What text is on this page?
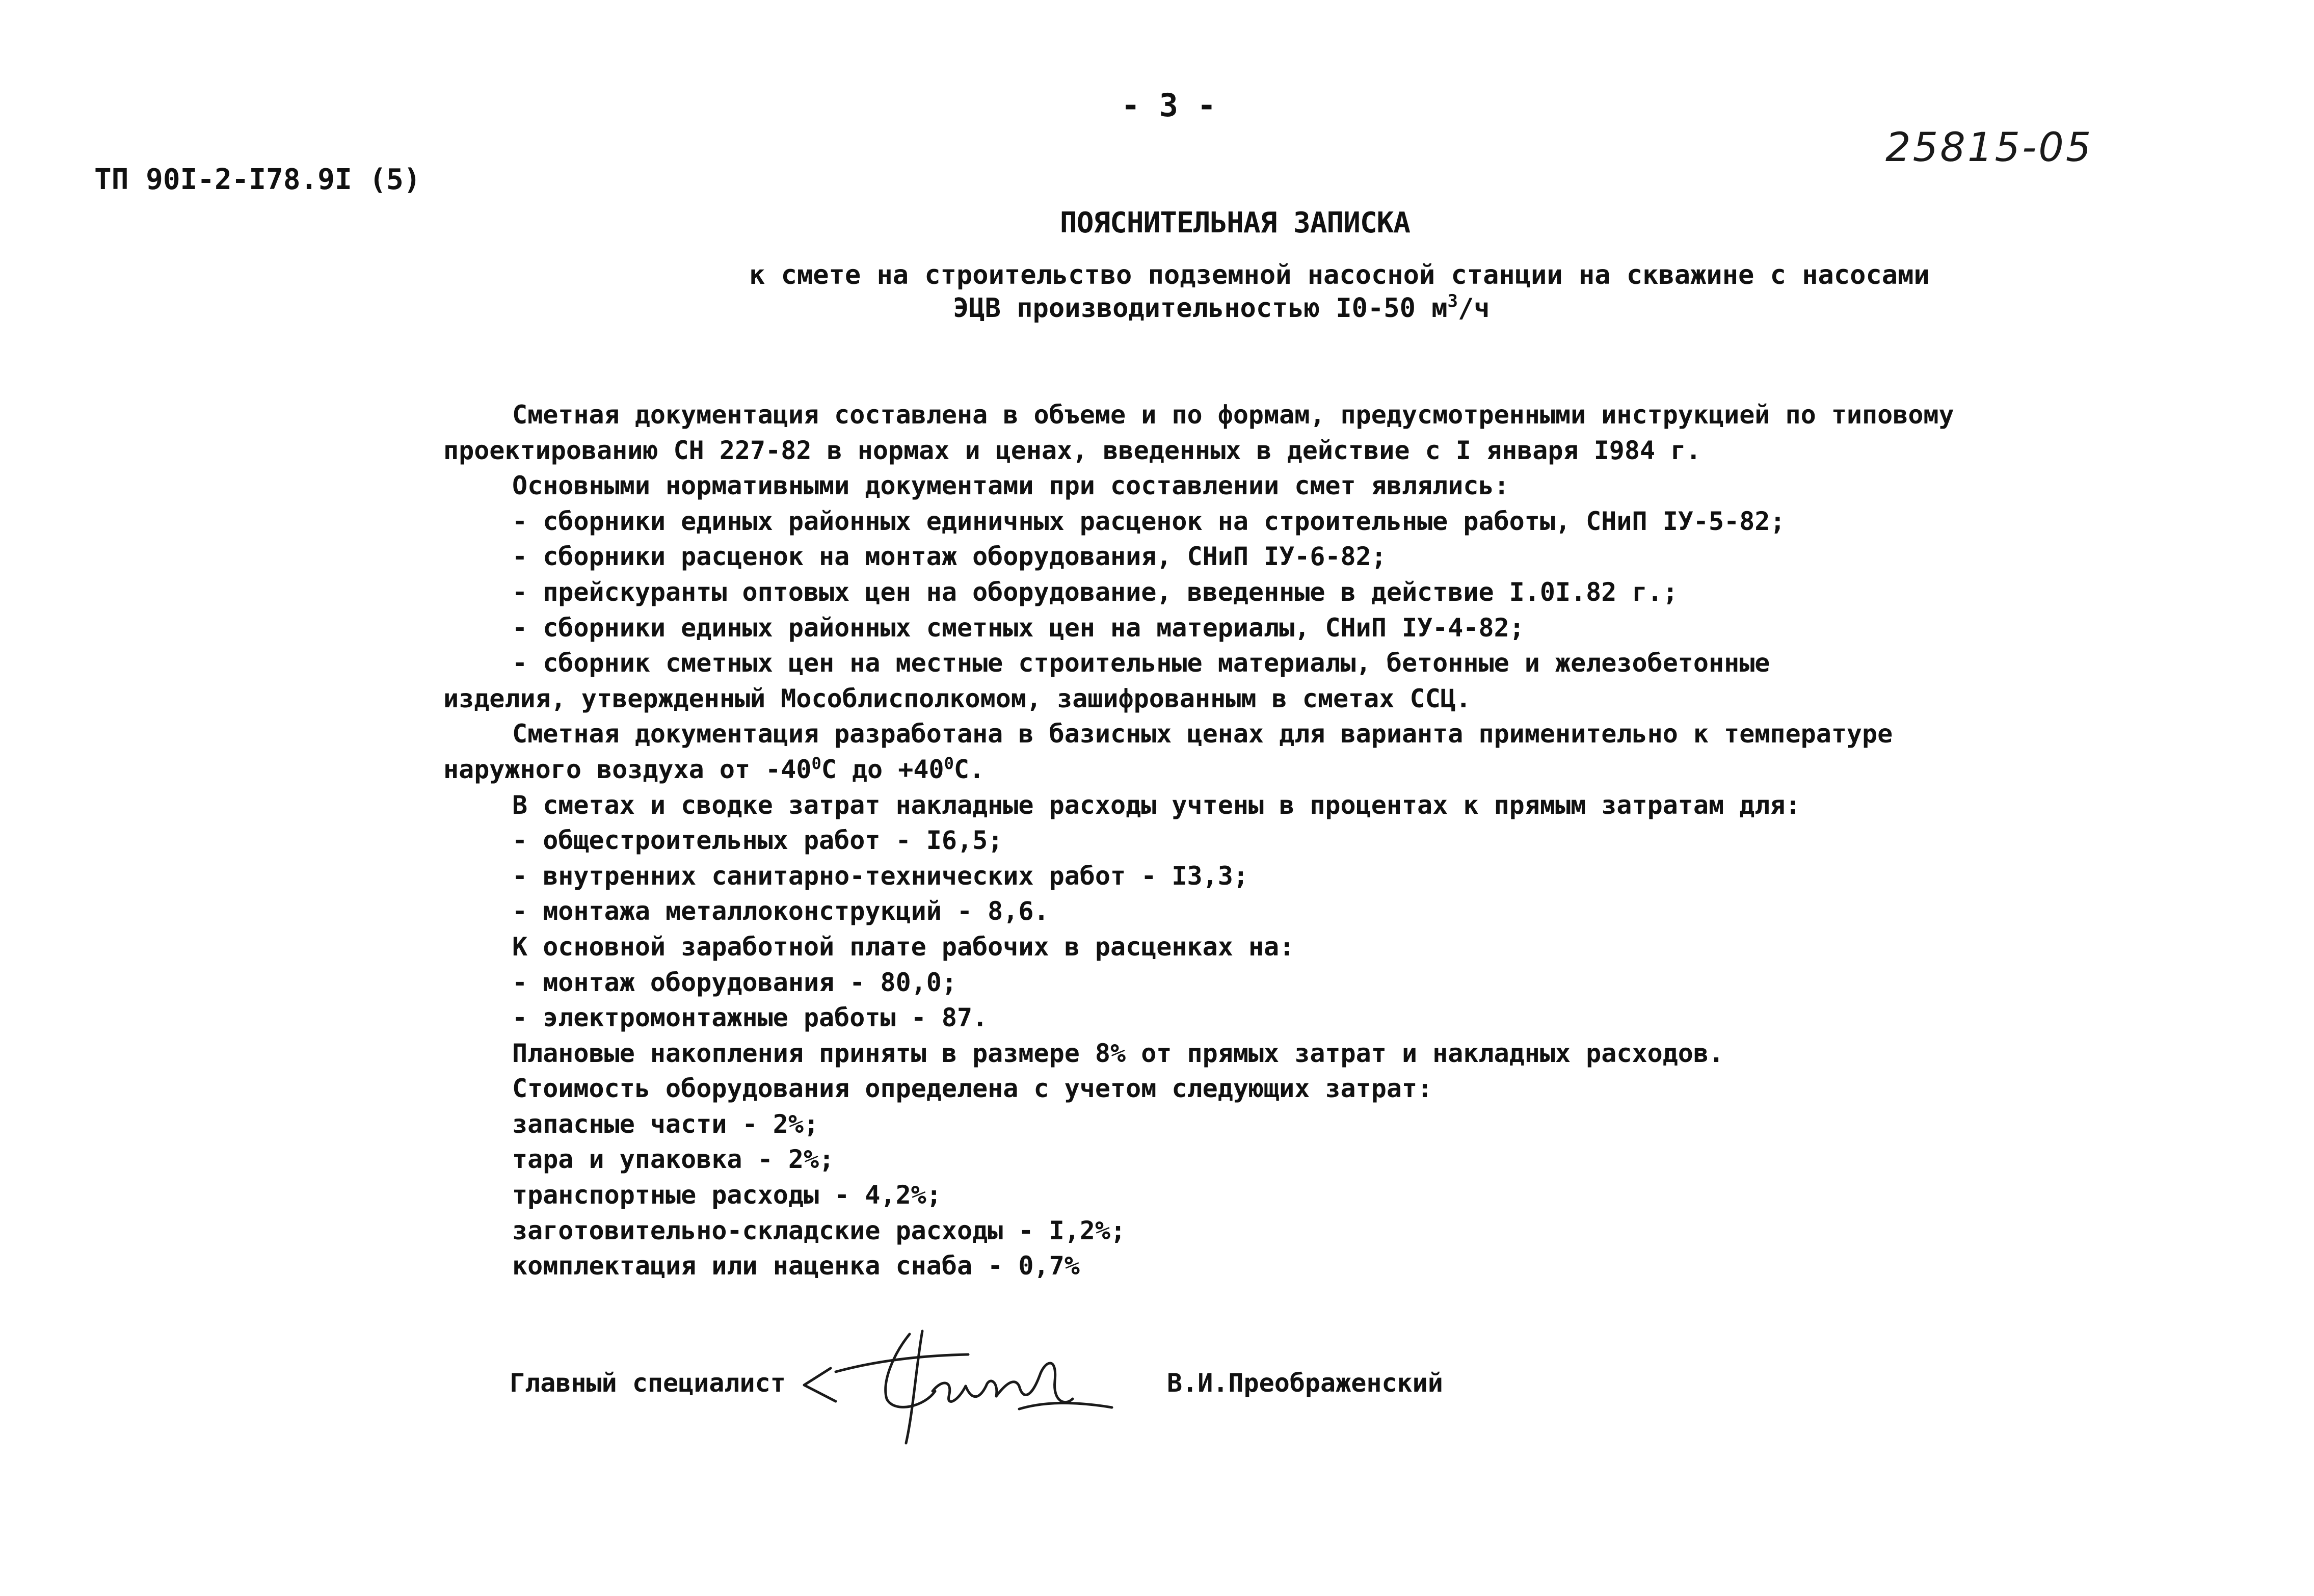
- 3 -
ТП 90I-2-I78.9I (5)
25815-05
ПОЯСНИТЕЛЬНАЯ ЗАПИСКА
к смете на строительство подземной насосной станции на скважине с насосами
ЭЦВ производительностью I0-50 $м^3/ч$
Сметная документация составлена в объеме и по формам, предусмотренными инструкцией по типовому
проектированию СН 227-82 в нормах и ценах, введенных в действие с I января I984 г.
Основными нормативными документами при составлении смет являлись:
- сборники единых районных единичных расценок на строительные работы, СНиП IУ-5-82;
- сборники расценок на монтаж оборудования, СНиП IУ-6-82;
- прейскуранты оптовых цен на оборудование, введенные в действие I.0I.82 г.;
- сборники единых районных сметных цен на материалы, СНиП IУ-4-82;
- сборник сметных цен на местные строительные материалы, бетонные и железобетонные
изделия, утвержденный Мособлисполкомом, зашифрованным в сметах ССЦ.
Сметная документация разработана в базисных ценах для варианта применительно к температуре
наружного воздуха от $-40^0С$ до $+40^0С$.
В сметах и сводке затрат накладные расходы учтены в процентах к прямым затратам для:
- общестроительных работ - I6,5;
- внутренних санитарно-технических работ - I3,3;
- монтажа металлоконструкций - 8,6.
К основной заработной плате рабочих в расценках на:
- монтаж оборудования - 80,0;
- электромонтажные работы - 87.
Плановые накопления приняты в размере 8% от прямых затрат и накладных расходов.
Стоимость оборудования определена с учетом следующих затрат:
запасные части - 2%;
тара и упаковка - 2%;
транспортные расходы - 4,2%;
заготовительно-складские расходы - I,2%;
комплектация или наценка снаба - 0,7%
Главный специалист	В.И.Преображенский
